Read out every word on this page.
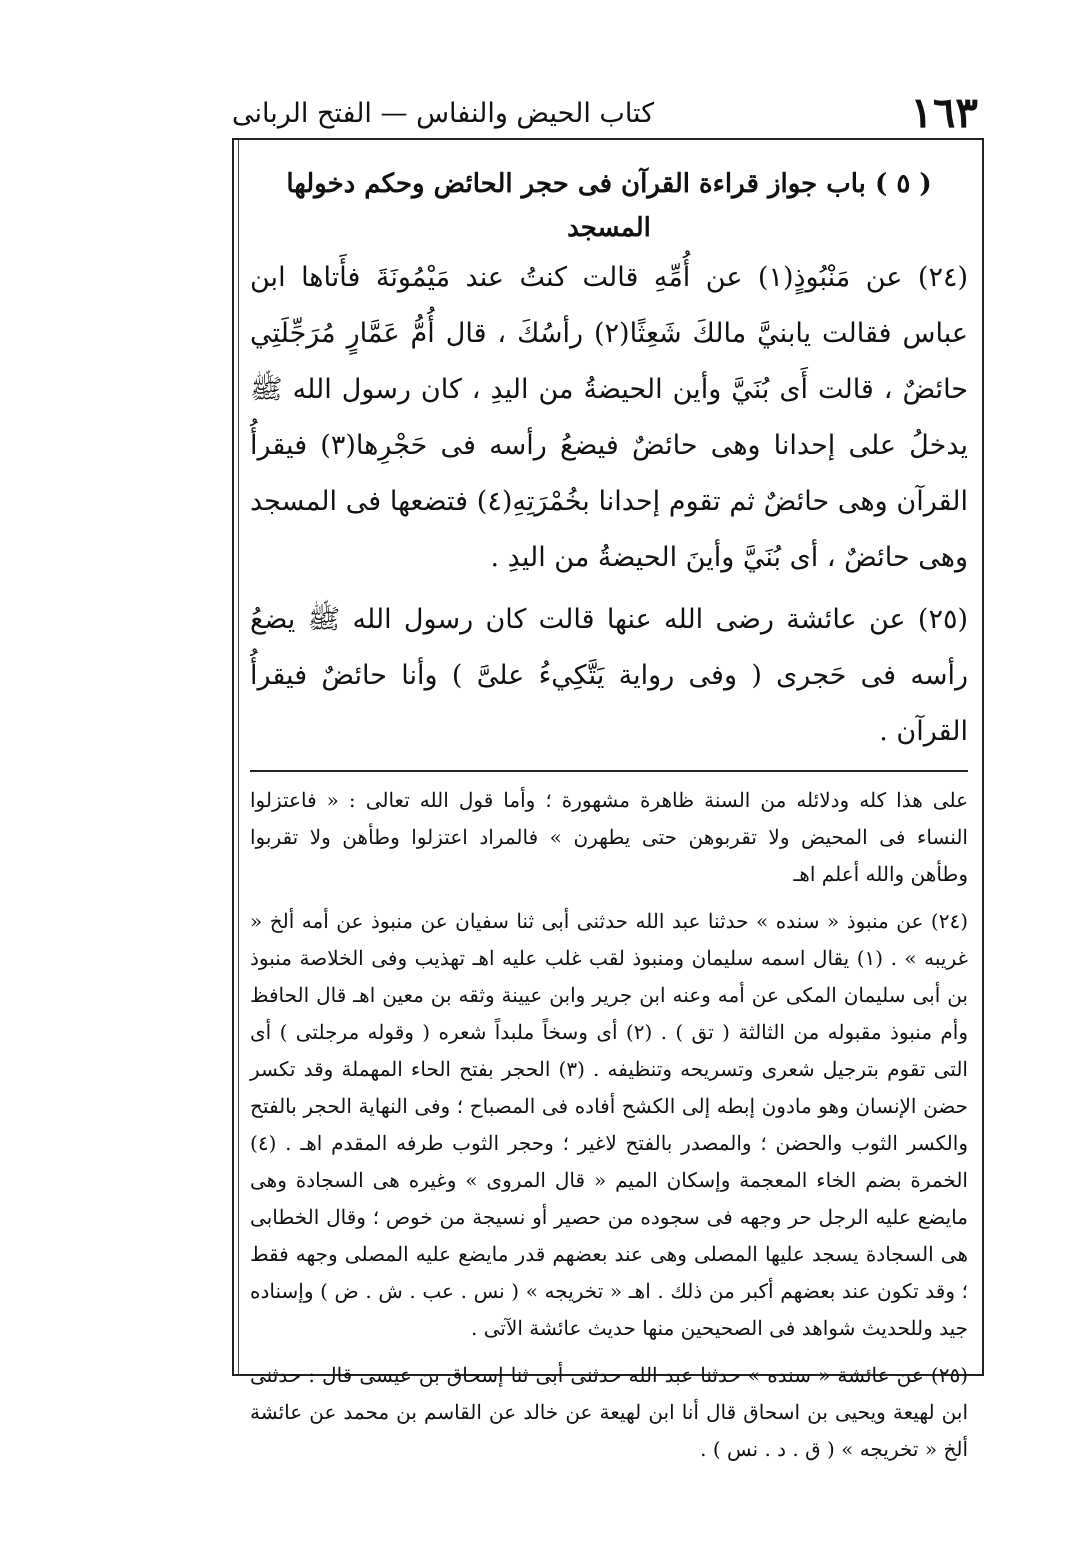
١٦٣
كتاب الحيض والنفاس — الفتح الربانى
( ٥ ) باب جواز قراءة القرآن فى حجر الحائض وحكم دخولها المسجد

(٢٤) عن مَنْبُوذٍ(١) عن أُمِّهِ قالت كنتُ عند مَيْمُونَةَ فأَتاها ابن عباس فقالت يابنيَّ مالكَ شَعِثًا(٢) رأسُكَ ، قال أُمُّ عَمَّارٍ مُرَجِّلَتِي حائضٌ ، قالت أَى بُنَيَّ وأين الحيضةُ من اليدِ ، كان رسول الله ﷺ يدخلُ على إحدانا وهى حائضٌ فيضعُ رأسه فى حَجْرِها(٣) فيقرأُ القرآن وهى حائضٌ ثم تقوم إحدانا بخُمْرَتِهِ(٤) فتضعها فى المسجد وهى حائضٌ ، أى بُنَيَّ وأينَ الحيضةُ من اليدِ .

(٢٥) عن عائشة رضى الله عنها قالت كان رسول الله ﷺ يضعُ رأسه فى حَجرى ( وفى رواية يَتَّكِيءُ علىَّ ) وأنا حائضٌ فيقرأُ القرآن .

على هذا كله ودلائله من السنة ظاهرة مشهورة ؛ وأما قول الله تعالى : « فاعتزلوا النساء فى المحيض ولا تقربوهن حتى يطهرن » فالمراد اعتزلوا وطأهن ولا تقربوا وطأهن والله أعلم اهـ

(٢٤) عن منبوذ « سنده » حدثنا عبد الله حدثنى أبى ثنا سفيان عن منبوذ عن أمه ألخ « غريبه » . (١) يقال اسمه سليمان ومنبوذ لقب غلب عليه اهـ تهذيب وفى الخلاصة منبوذ بن أبى سليمان المكى عن أمه وعنه ابن جرير وابن عيينة وثقه بن معين اهـ قال الحافظ وأم منبوذ مقبوله من الثالثة ( تق ) . (٢) أى وسخاً ملبداً شعره ( وقوله مرجلتى ) أى التى تقوم بترجيل شعرى وتسريحه وتنظيفه . (٣) الحجر بفتح الحاء المهملة وقد تكسر حضن الإنسان وهو مادون إبطه إلى الكشح أفاده فى المصباح ؛ وفى النهاية الحجر بالفتح والكسر الثوب والحضن ؛ والمصدر بالفتح لاغير ؛ وحجر الثوب طرفه المقدم اهـ . (٤) الخمرة بضم الخاء المعجمة وإسكان الميم « قال المروى » وغيره هى السجادة وهى مايضع عليه الرجل حر وجهه فى سجوده من حصير أو نسيجة من خوص ؛ وقال الخطابى هى السجادة يسجد عليها المصلى وهى عند بعضهم قدر مايضع عليه المصلى وجهه فقط ؛ وقد تكون عند بعضهم أكبر من ذلك . اهـ « تخريجه » ( نس . عب . ش . ض ) وإسناده جيد وللحديث شواهد فى الصحيحين منها حديث عائشة الآتى .

(٢٥) عن عائشة « سنده » حدثنا عبد الله حدثنى أبى ثنا إسحاق بن عيسى قال : حدثنى ابن لهيعة ويحيى بن اسحاق قال أنا ابن لهيعة عن خالد عن القاسم بن محمد عن عائشة ألخ « تخريجه » ( ق . د . نس ) .
